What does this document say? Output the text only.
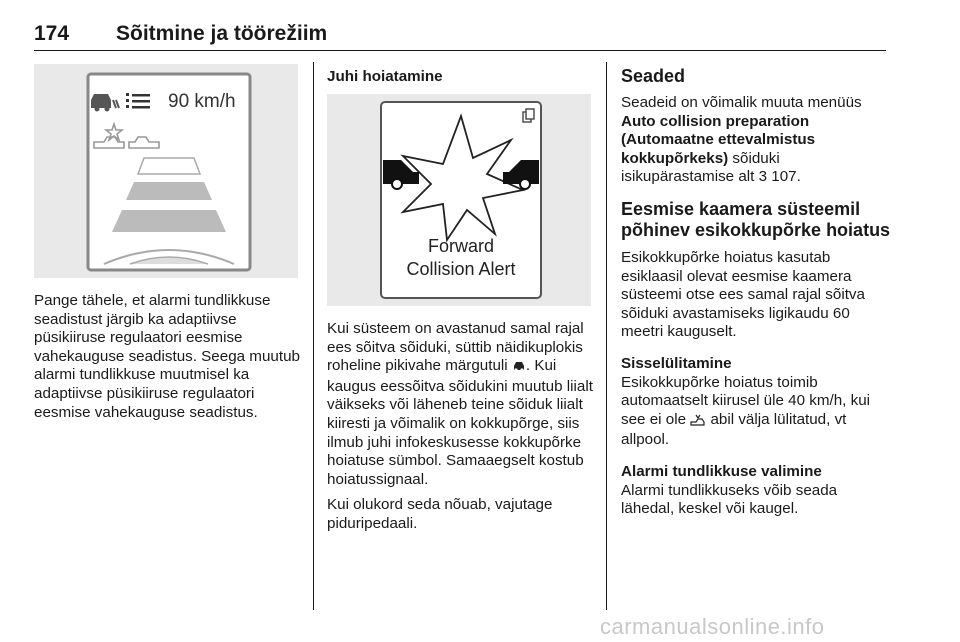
174 Sõitmine ja töörežiim
90 km/h

Pange tähele, et alarmi tundlikkuse seadistust järgib ka adaptiivse püsikiiruse regulaatori eesmise vahekauguse seadistus. Seega muutub alarmi tundlikkuse muutmisel ka adaptiivse püsikiiruse regulaatori eesmise vahekauguse seadistus.

Juhi hoiatamine

Forward
Collision Alert

Kui süsteem on avastanud samal rajal ees sõitva sõiduki, süttib näidikuplokis roheline pikivahe märgutuli . Kui kaugus eessõitva sõidukini muutub liialt väikseks või läheneb teine sõiduk liialt kiiresti ja võimalik on kokkupõrge, siis ilmub juhi infokeskusesse kokkupõrke hoiatuse sümbol. Samaaegselt kostub hoiatussignaal.

Kui olukord seda nõuab, vajutage piduripedaali.

Seaded

Seadeid on võimalik muuta menüüs Auto collision preparation (Automaatne ettevalmistus kokkupõrkeks) sõiduki isikupärastamise alt 3 107.

Eesmise kaamera süsteemil põhinev esikokkupõrke hoiatus

Esikokkupõrke hoiatus kasutab esiklaasil olevat eesmise kaamera süsteemi otse ees samal rajal sõitva sõiduki avastamiseks ligikaudu 60 meetri kauguselt.

Sisselülitamine

Esikokkupõrke hoiatus toimib automaatselt kiirusel üle 40 km/h, kui see ei ole  abil välja lülitatud, vt allpool.

Alarmi tundlikkuse valimine

Alarmi tundlikkuseks võib seada lähedal, keskel või kaugel.

carmanualsonline.info
